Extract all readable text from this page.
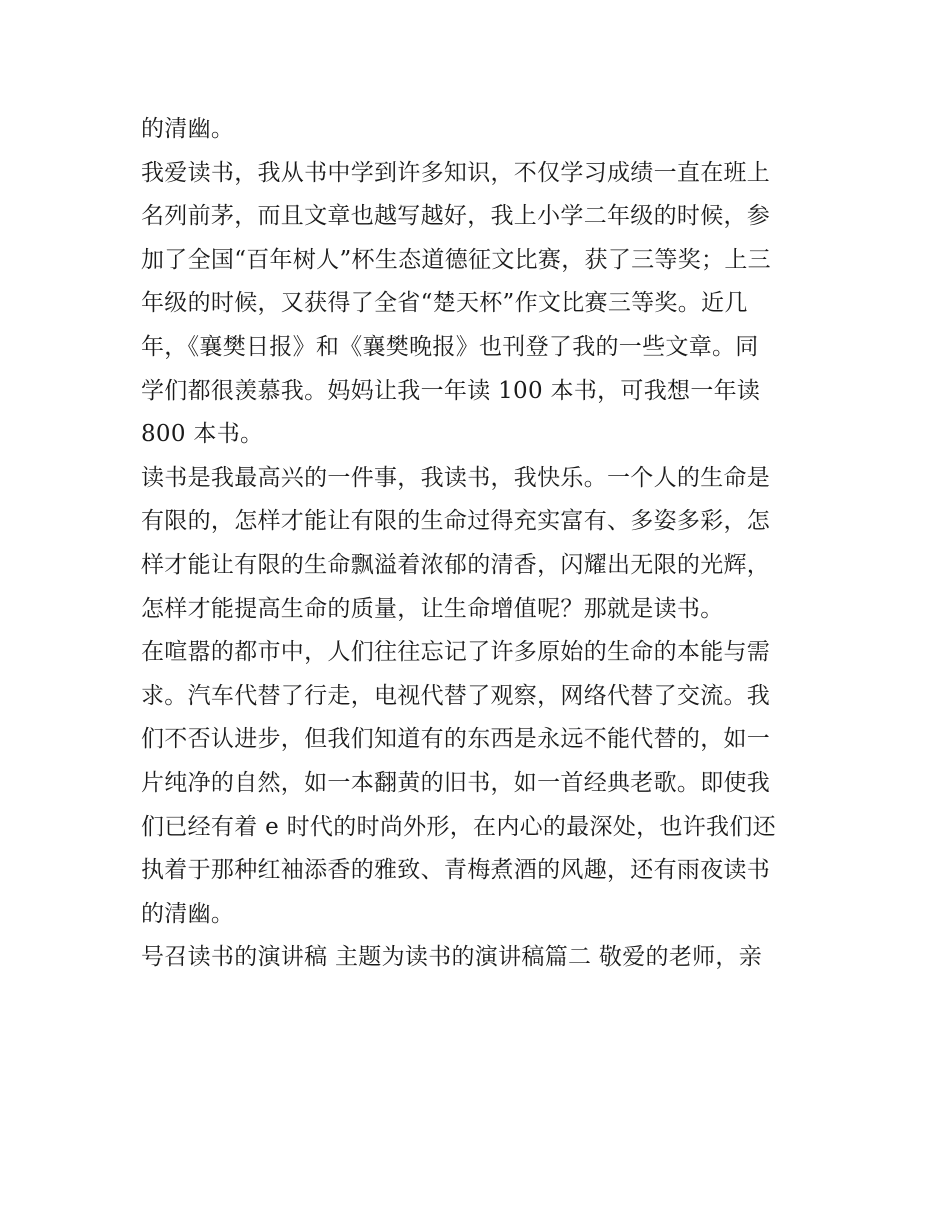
的清幽。
我爱读书，我从书中学到许多知识，不仅学习成绩一直在班上
名列前茅，而且文章也越写越好，我上小学二年级的时候，参
加了全国“百年树人”杯生态道德征文比赛，获了三等奖；上三
年级的时候，又获得了全省“楚天杯”作文比赛三等奖。近几
年，《襄樊日报》和《襄樊晚报》也刊登了我的一些文章。同
学们都很羡慕我。妈妈让我一年读 100 本书，可我想一年读
800 本书。
读书是我最高兴的一件事，我读书，我快乐。一个人的生命是
有限的，怎样才能让有限的生命过得充实富有、多姿多彩，怎
样才能让有限的生命飘溢着浓郁的清香，闪耀出无限的光辉，
怎样才能提高生命的质量，让生命增值呢？那就是读书。
在喧嚣的都市中，人们往往忘记了许多原始的生命的本能与需
求。汽车代替了行走，电视代替了观察，网络代替了交流。我
们不否认进步，但我们知道有的东西是永远不能代替的，如一
片纯净的自然，如一本翻黄的旧书，如一首经典老歌。即使我
们已经有着 e 时代的时尚外形，在内心的最深处，也许我们还
执着于那种红袖添香的雅致、青梅煮酒的风趣，还有雨夜读书
的清幽。
号召读书的演讲稿 主题为读书的演讲稿篇二 敬爱的老师，亲
